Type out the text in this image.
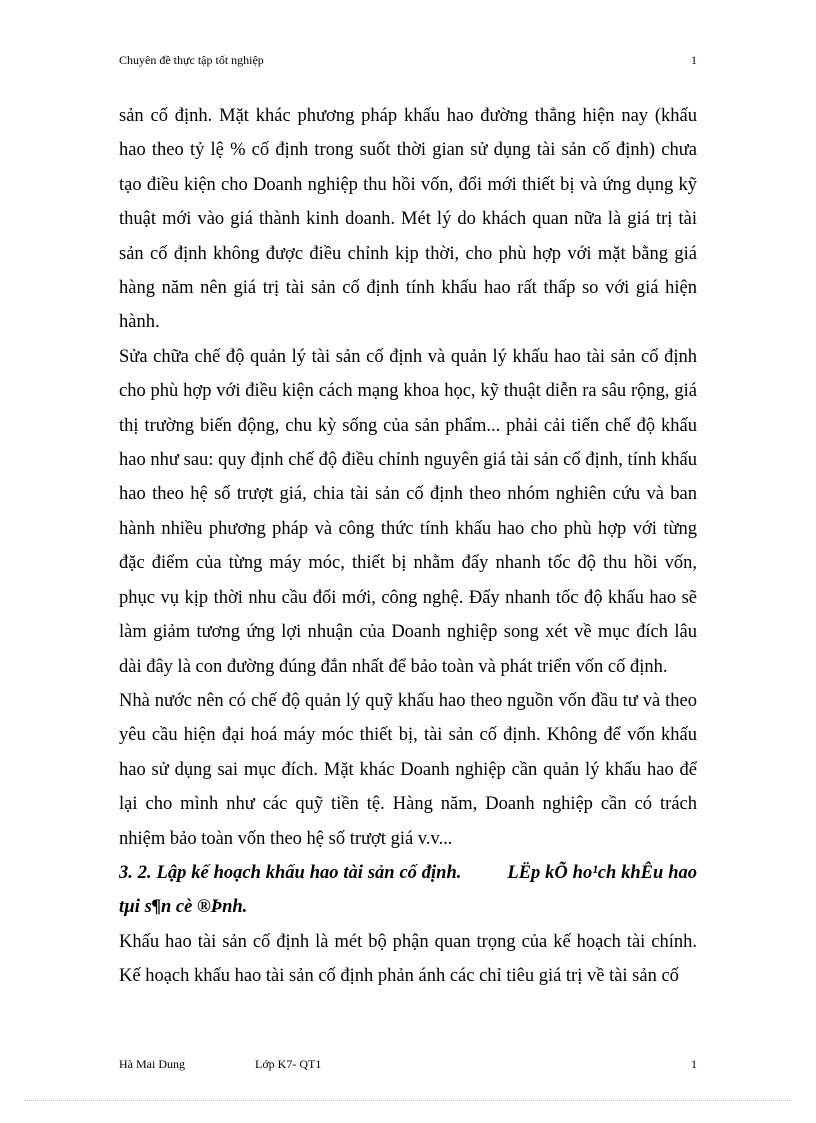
Chuyên đề thực tập tốt nghiệp	1

sản cố định. Mặt khác phương pháp khấu hao đường thẳng hiện nay (khấu hao theo tỷ lệ % cố định trong suốt thời gian sử dụng tài sản cố định) chưa tạo điều kiện cho Doanh nghiệp thu hồi vốn, đổi mới thiết bị và ứng dụng kỹ thuật mới vào giá thành kinh doanh. Mét lý do khách quan nữa là giá trị tài sản cố định không được điều chỉnh kịp thời, cho phù hợp với mặt bằng giá hàng năm nên giá trị tài sản cố định tính khấu hao rất thấp so với giá hiện hành.

Sửa chữa chế độ quản lý tài sản cố định và quản lý khấu hao tài sản cố định cho phù hợp với điều kiện cách mạng khoa học, kỹ thuật diễn ra sâu rộng, giá thị trường biến động, chu kỳ sống của sản phẩm... phải cải tiến chế độ khấu hao như sau: quy định chế độ điều chỉnh nguyên giá tài sản cố định, tính khấu hao theo hệ số trượt giá, chia tài sản cố định theo nhóm nghiên cứu và ban hành nhiều phương pháp và công thức tính khấu hao cho phù hợp với từng đặc điểm của từng máy móc, thiết bị nhằm đẩy nhanh tốc độ thu hồi vốn, phục vụ kịp thời nhu cầu đổi mới, công nghệ. Đẩy nhanh tốc độ khấu hao sẽ làm giảm tương ứng lợi nhuận của Doanh nghiệp song xét về mục đích lâu dài đây là con đường đúng đắn nhất để bảo toàn và phát triển vốn cố định.

Nhà nước nên có chế độ quản lý quỹ khấu hao theo nguồn vốn đầu tư và theo yêu cầu hiện đại hoá máy móc thiết bị, tài sản cố định. Không để vốn khấu hao sử dụng sai mục đích. Mặt khác Doanh nghiệp cần quản lý khấu hao để lại cho mình như các quỹ tiền tệ. Hàng năm, Doanh nghiệp cần có trách nhiệm bảo toàn vốn theo hệ số trượt giá v.v...

3. 2. Lập kế hoạch khấu hao tài sản cố định. LËp kÕ ho¹ch khÊu hao tµi s¶n cè ®Þnh.

Khấu hao tài sản cố định là mét bộ phận quan trọng của kế hoạch tài chính. Kế hoạch khấu hao tài sản cố định phản ánh các chỉ tiêu giá trị về tài sản cố

Hà Mai Dung	Lớp K7- QT1	1
